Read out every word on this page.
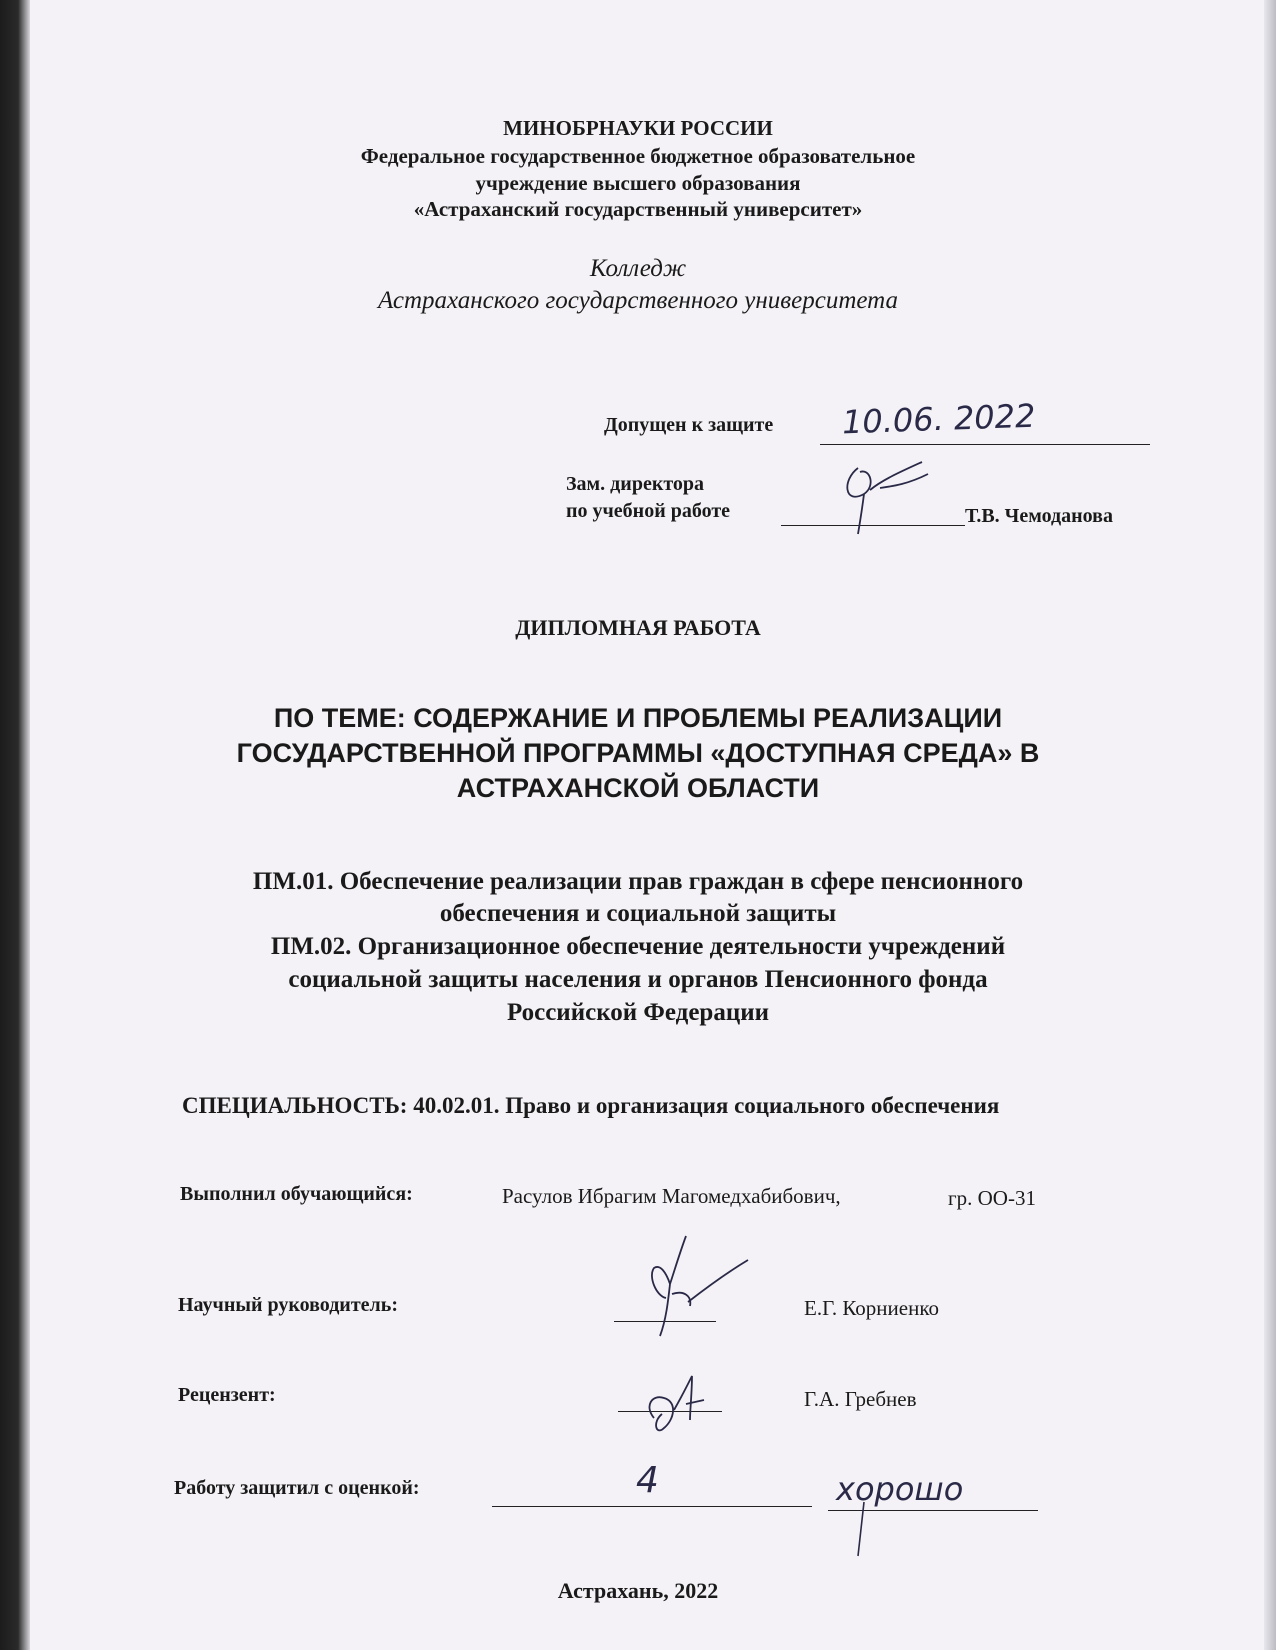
МИНОБРНАУКИ РОССИИ
Федеральное государственное бюджетное образовательное
учреждение высшего образования
«Астраханский государственный университет»
Колледж
Астраханского государственного университета
Допущен к защите 10.06. 2022
Зам. директора
по учебной работе	Т.В. Чемоданова
ДИПЛОМНАЯ РАБОТА
ПО ТЕМЕ: СОДЕРЖАНИЕ И ПРОБЛЕМЫ РЕАЛИЗАЦИИ
ГОСУДАРСТВЕННОЙ ПРОГРАММЫ «ДОСТУПНАЯ СРЕДА» В
АСТРАХАНСКОЙ ОБЛАСТИ
ПМ.01. Обеспечение реализации прав граждан в сфере пенсионного
обеспечения и социальной защиты
ПМ.02. Организационное обеспечение деятельности учреждений
социальной защиты населения и органов Пенсионного фонда
Российской Федерации
СПЕЦИАЛЬНОСТЬ: 40.02.01. Право и организация социального обеспечения
Выполнил обучающийся:	Расулов Ибрагим Магомедхабибович,	гр. ОО-31
Научный руководитель:	Е.Г. Корниенко
Рецензент:	Г.А. Гребнев
Работу защитил с оценкой:	4	хорошо
Астрахань, 2022
